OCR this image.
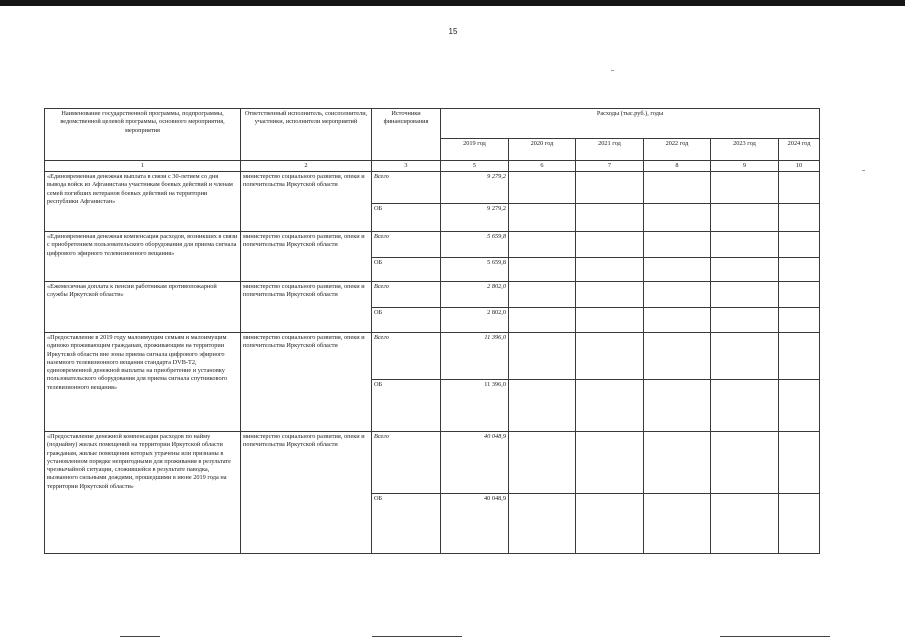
15
Наименование государственной программы, подпрограммы, ведомственной целевой программы, основного мероприятия, мероприятия	Ответственный исполнитель, соисполнители, участники, исполнители мероприятий	Источники финансирования	Расходы (тыс.руб.), годы					
			2019 год	2020 год	2021 год	2022 год	2023 год	2024 год
1	2	3	5	6	7	8	9	10
«Единовременная денежная выплата в связи с 30-летием со дня вывода войск из Афганистана участникам боевых действий и членам семей погибших ветеранов боевых действий на территории республики Афганистан»	министерство социального развития, опеки и попечительства Иркутской области	Всего	9 279,2					
		ОБ	9 279,2					
«Единовременная денежная компенсация расходов, возникших в связи с приобретением пользовательского оборудования для приема сигнала цифрового эфирного телевизионного вещания»	министерство социального развития, опеки и попечительства Иркутской области	Всего	5 659,8					
		ОБ	5 659,8					
«Ежемесячная доплата к пенсии работникам противопожарной службы Иркутской области»	министерство социального развития, опеки и попечительства Иркутской области	Всего	2 802,0					
		ОБ	2 802,0					
«Предоставление в 2019 году малоимущим семьям и малоимущим одиноко проживающим гражданам, проживающим на территории Иркутской области вне зоны приема сигнала цифрового эфирного наземного телевизионного вещания стандарта DVB-T2, единовременной денежной выплаты на приобретение и установку пользовательского оборудования для приема сигнала спутникового телевизионного вещания»	министерство социального развития, опеки и попечительства Иркутской области	Всего	11 396,0					
		ОБ	11 396,0					
«Предоставление денежной компенсации расходов по найму (поднайму) жилых помещений на территории Иркутской области гражданам, жилые помещения которых утрачены или признаны в установленном порядке непригодными для проживания в результате чрезвычайной ситуации, сложившейся в результате паводка, вызванного сильными дождями, прошедшими в июне 2019 года на территории Иркутской области»	министерство социального развития, опеки и попечительства Иркутской области	Всего	40 048,9					
		ОБ	40 048,9					
